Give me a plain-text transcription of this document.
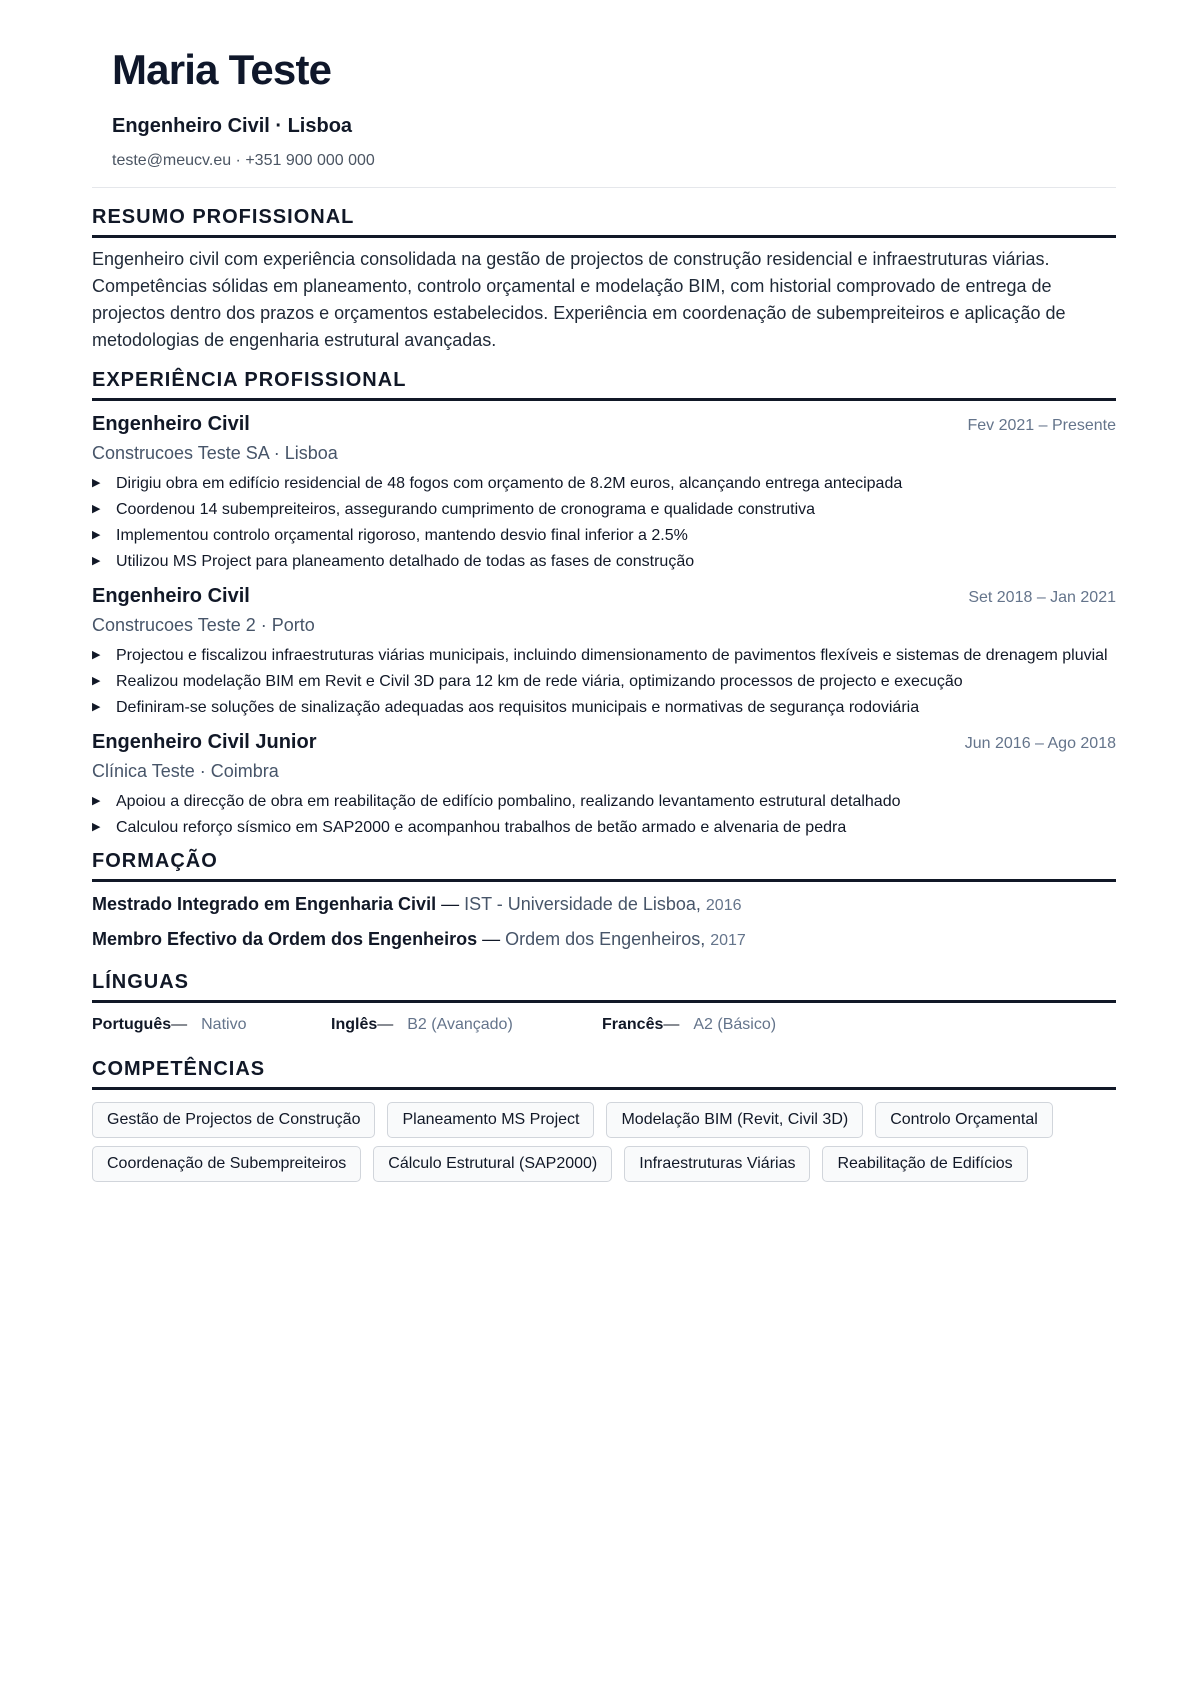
Maria Teste
Engenheiro Civil · Lisboa
teste@meucv.eu · +351 900 000 000
RESUMO PROFISSIONAL
Engenheiro civil com experiência consolidada na gestão de projectos de construção residencial e infraestruturas viárias. Competências sólidas em planeamento, controlo orçamental e modelação BIM, com historial comprovado de entrega de projectos dentro dos prazos e orçamentos estabelecidos. Experiência em coordenação de subempreiteiros e aplicação de metodologias de engenharia estrutural avançadas.
EXPERIÊNCIA PROFISSIONAL
Engenheiro Civil	Fev 2021 – Presente
Construcoes Teste SA · Lisboa
▶ Dirigiu obra em edifício residencial de 48 fogos com orçamento de 8.2M euros, alcançando entrega antecipada
▶ Coordenou 14 subempreiteiros, assegurando cumprimento de cronograma e qualidade construtiva
▶ Implementou controlo orçamental rigoroso, mantendo desvio final inferior a 2.5%
▶ Utilizou MS Project para planeamento detalhado de todas as fases de construção
Engenheiro Civil	Set 2018 – Jan 2021
Construcoes Teste 2 · Porto
▶ Projectou e fiscalizou infraestruturas viárias municipais, incluindo dimensionamento de pavimentos flexíveis e sistemas de drenagem pluvial
▶ Realizou modelação BIM em Revit e Civil 3D para 12 km de rede viária, optimizando processos de projecto e execução
▶ Definiram-se soluções de sinalização adequadas aos requisitos municipais e normativas de segurança rodoviária
Engenheiro Civil Junior	Jun 2016 – Ago 2018
Clínica Teste · Coimbra
▶ Apoiou a direcção de obra em reabilitação de edifício pombalino, realizando levantamento estrutural detalhado
▶ Calculou reforço sísmico em SAP2000 e acompanhou trabalhos de betão armado e alvenaria de pedra
FORMAÇÃO
Mestrado Integrado em Engenharia Civil — IST - Universidade de Lisboa, 2016
Membro Efectivo da Ordem dos Engenheiros — Ordem dos Engenheiros, 2017
LÍNGUAS
Português — Nativo	Inglês — B2 (Avançado)	Francês — A2 (Básico)
COMPETÊNCIAS
Gestão de Projectos de Construção	Planeamento MS Project	Modelação BIM (Revit, Civil 3D)	Controlo Orçamental
Coordenação de Subempreiteiros	Cálculo Estrutural (SAP2000)	Infraestruturas Viárias	Reabilitação de Edifícios
